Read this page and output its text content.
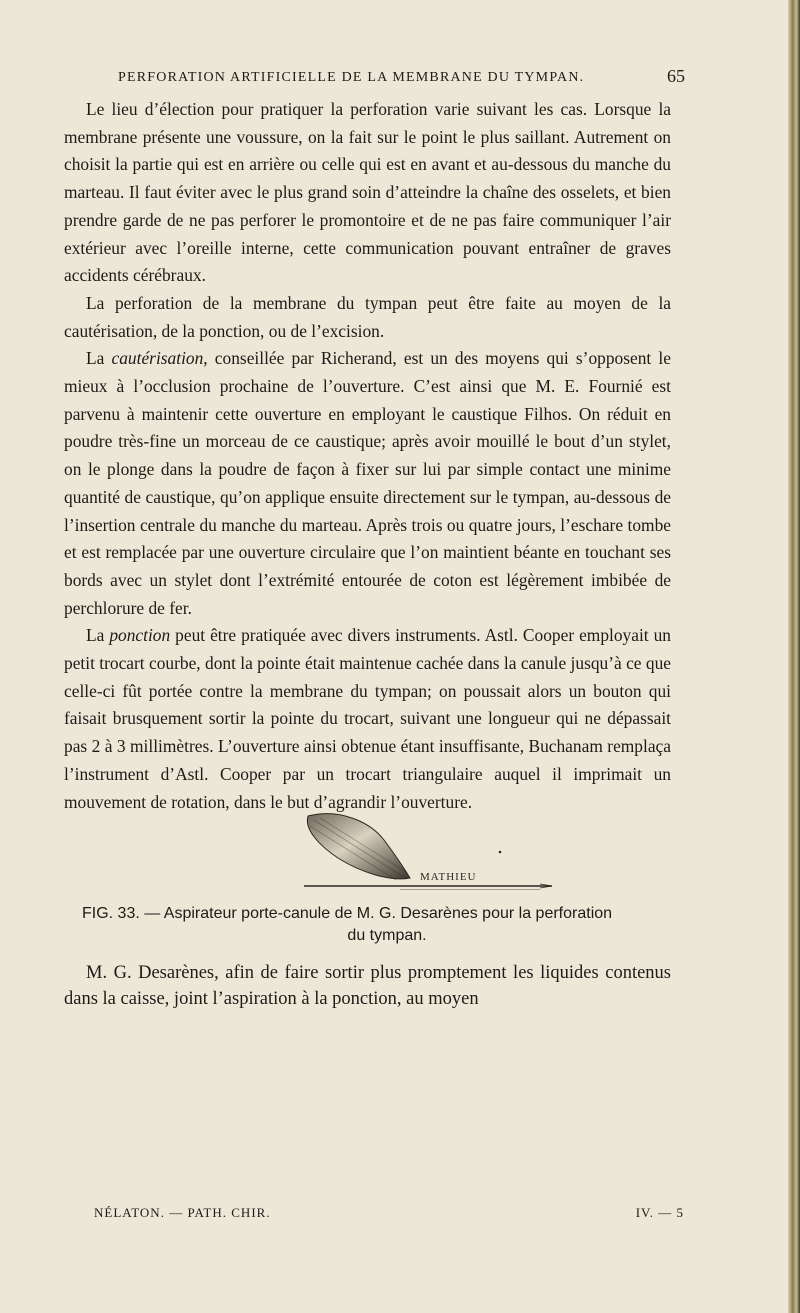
PERFORATION ARTIFICIELLE DE LA MEMBRANE DU TYMPAN.	65

Le lieu d’élection pour pratiquer la perforation varie suivant les cas. Lorsque la membrane présente une voussure, on la fait sur le point le plus saillant. Autrement on choisit la partie qui est en arrière ou celle qui est en avant et au-dessous du manche du marteau. Il faut éviter avec le plus grand soin d’atteindre la chaîne des osselets, et bien prendre garde de ne pas perforer le promontoire et de ne pas faire communiquer l’air extérieur avec l’oreille interne, cette communication pouvant entraîner de graves accidents cérébraux.

La perforation de la membrane du tympan peut être faite au moyen de la cautérisation, de la ponction, ou de l’excision.

La cautérisation, conseillée par Richerand, est un des moyens qui s’opposent le mieux à l’occlusion prochaine de l’ouverture. C’est ainsi que M. E. Fournié est parvenu à maintenir cette ouverture en employant le caustique Filhos. On réduit en poudre très-fine un morceau de ce caustique; après avoir mouillé le bout d’un stylet, on le plonge dans la poudre de façon à fixer sur lui par simple contact une minime quantité de caustique, qu’on applique ensuite directement sur le tympan, au-dessous de l’insertion centrale du manche du marteau. Après trois ou quatre jours, l’eschare tombe et est remplacée par une ouverture circulaire que l’on maintient béante en touchant ses bords avec un stylet dont l’extrémité entourée de coton est légèrement imbibée de perchlorure de fer.

La ponction peut être pratiquée avec divers instruments. Astl. Cooper employait un petit trocart courbe, dont la pointe était maintenue cachée dans la canule jusqu’à ce que celle-ci fût portée contre la membrane du tympan; on poussait alors un bouton qui faisait brusquement sortir la pointe du trocart, suivant une longueur qui ne dépassait pas 2 à 3 millimètres. L’ouverture ainsi obtenue étant insuffisante, Buchanam remplaça l’instrument d’Astl. Cooper par un trocart triangulaire auquel il imprimait un mouvement de rotation, dans le but d’agrandir l’ouverture.

MATHIEU
FIG. 33. — Aspirateur porte-canule de M. G. Desarènes pour la perforation
du tympan.

M. G. Desarènes, afin de faire sortir plus promptement les liquides contenus dans la caisse, joint l’aspiration à la ponction, au moyen

NÉLATON. — PATH. CHIR.	IV. — 5
